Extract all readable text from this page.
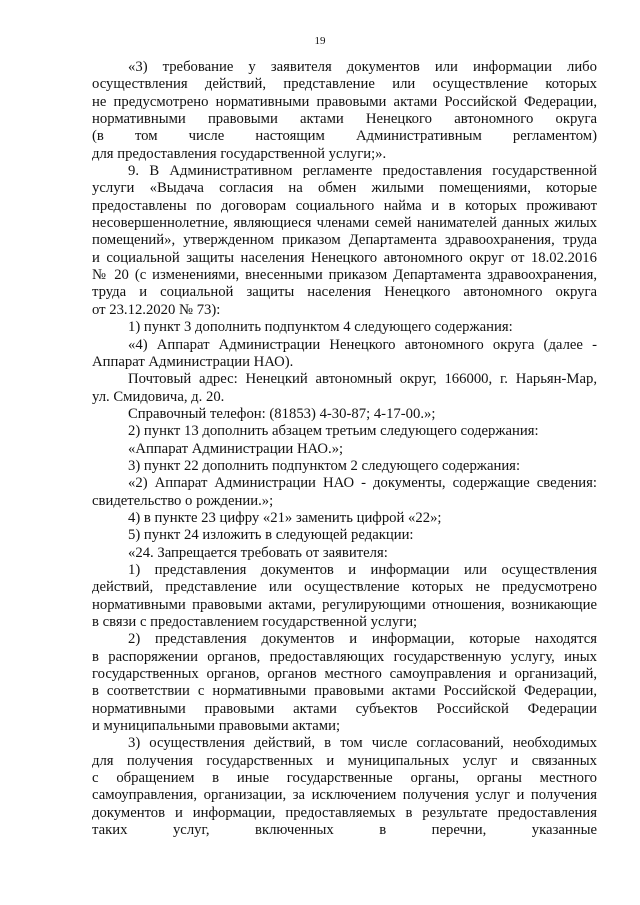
19
«3) требование у заявителя документов или информации либо
осуществления действий, представление или осуществление которых
не предусмотрено нормативными правовыми актами Российской Федерации,
нормативными правовыми актами Ненецкого автономного округа
(в том числе настоящим Административным регламентом)
для предоставления государственной услуги;».
9. В Административном регламенте предоставления государственной
услуги «Выдача согласия на обмен жилыми помещениями, которые
предоставлены по договорам социального найма и в которых проживают
несовершеннолетние, являющиеся членами семей нанимателей данных жилых
помещений», утвержденном приказом Департамента здравоохранения, труда
и социальной защиты населения Ненецкого автономного округ от 18.02.2016
№ 20 (с изменениями, внесенными приказом Департамента здравоохранения,
труда и социальной защиты населения Ненецкого автономного округа
от 23.12.2020 № 73):
1) пункт 3 дополнить подпунктом 4 следующего содержания:
«4) Аппарат Администрации Ненецкого автономного округа (далее -
Аппарат Администрации НАО).
Почтовый адрес: Ненецкий автономный округ, 166000, г. Нарьян-Мар,
ул. Смидовича, д. 20.
Справочный телефон: (81853) 4-30-87; 4-17-00.»;
2) пункт 13 дополнить абзацем третьим следующего содержания:
«Аппарат Администрации НАО.»;
3) пункт 22 дополнить подпунктом 2 следующего содержания:
«2) Аппарат Администрации НАО - документы, содержащие сведения:
свидетельство о рождении.»;
4) в пункте 23 цифру «21» заменить цифрой «22»;
5) пункт 24 изложить в следующей редакции:
«24. Запрещается требовать от заявителя:
1) представления документов и информации или осуществления
действий, представление или осуществление которых не предусмотрено
нормативными правовыми актами, регулирующими отношения, возникающие
в связи с предоставлением государственной услуги;
2) представления документов и информации, которые находятся
в распоряжении органов, предоставляющих государственную услугу, иных
государственных органов, органов местного самоуправления и организаций,
в соответствии с нормативными правовыми актами Российской Федерации,
нормативными правовыми актами субъектов Российской Федерации
и муниципальными правовыми актами;
3) осуществления действий, в том числе согласований, необходимых
для получения государственных и муниципальных услуг и связанных
с обращением в иные государственные органы, органы местного
самоуправления, организации, за исключением получения услуг и получения
документов и информации, предоставляемых в результате предоставления
таких услуг, включенных в перечни, указанные
